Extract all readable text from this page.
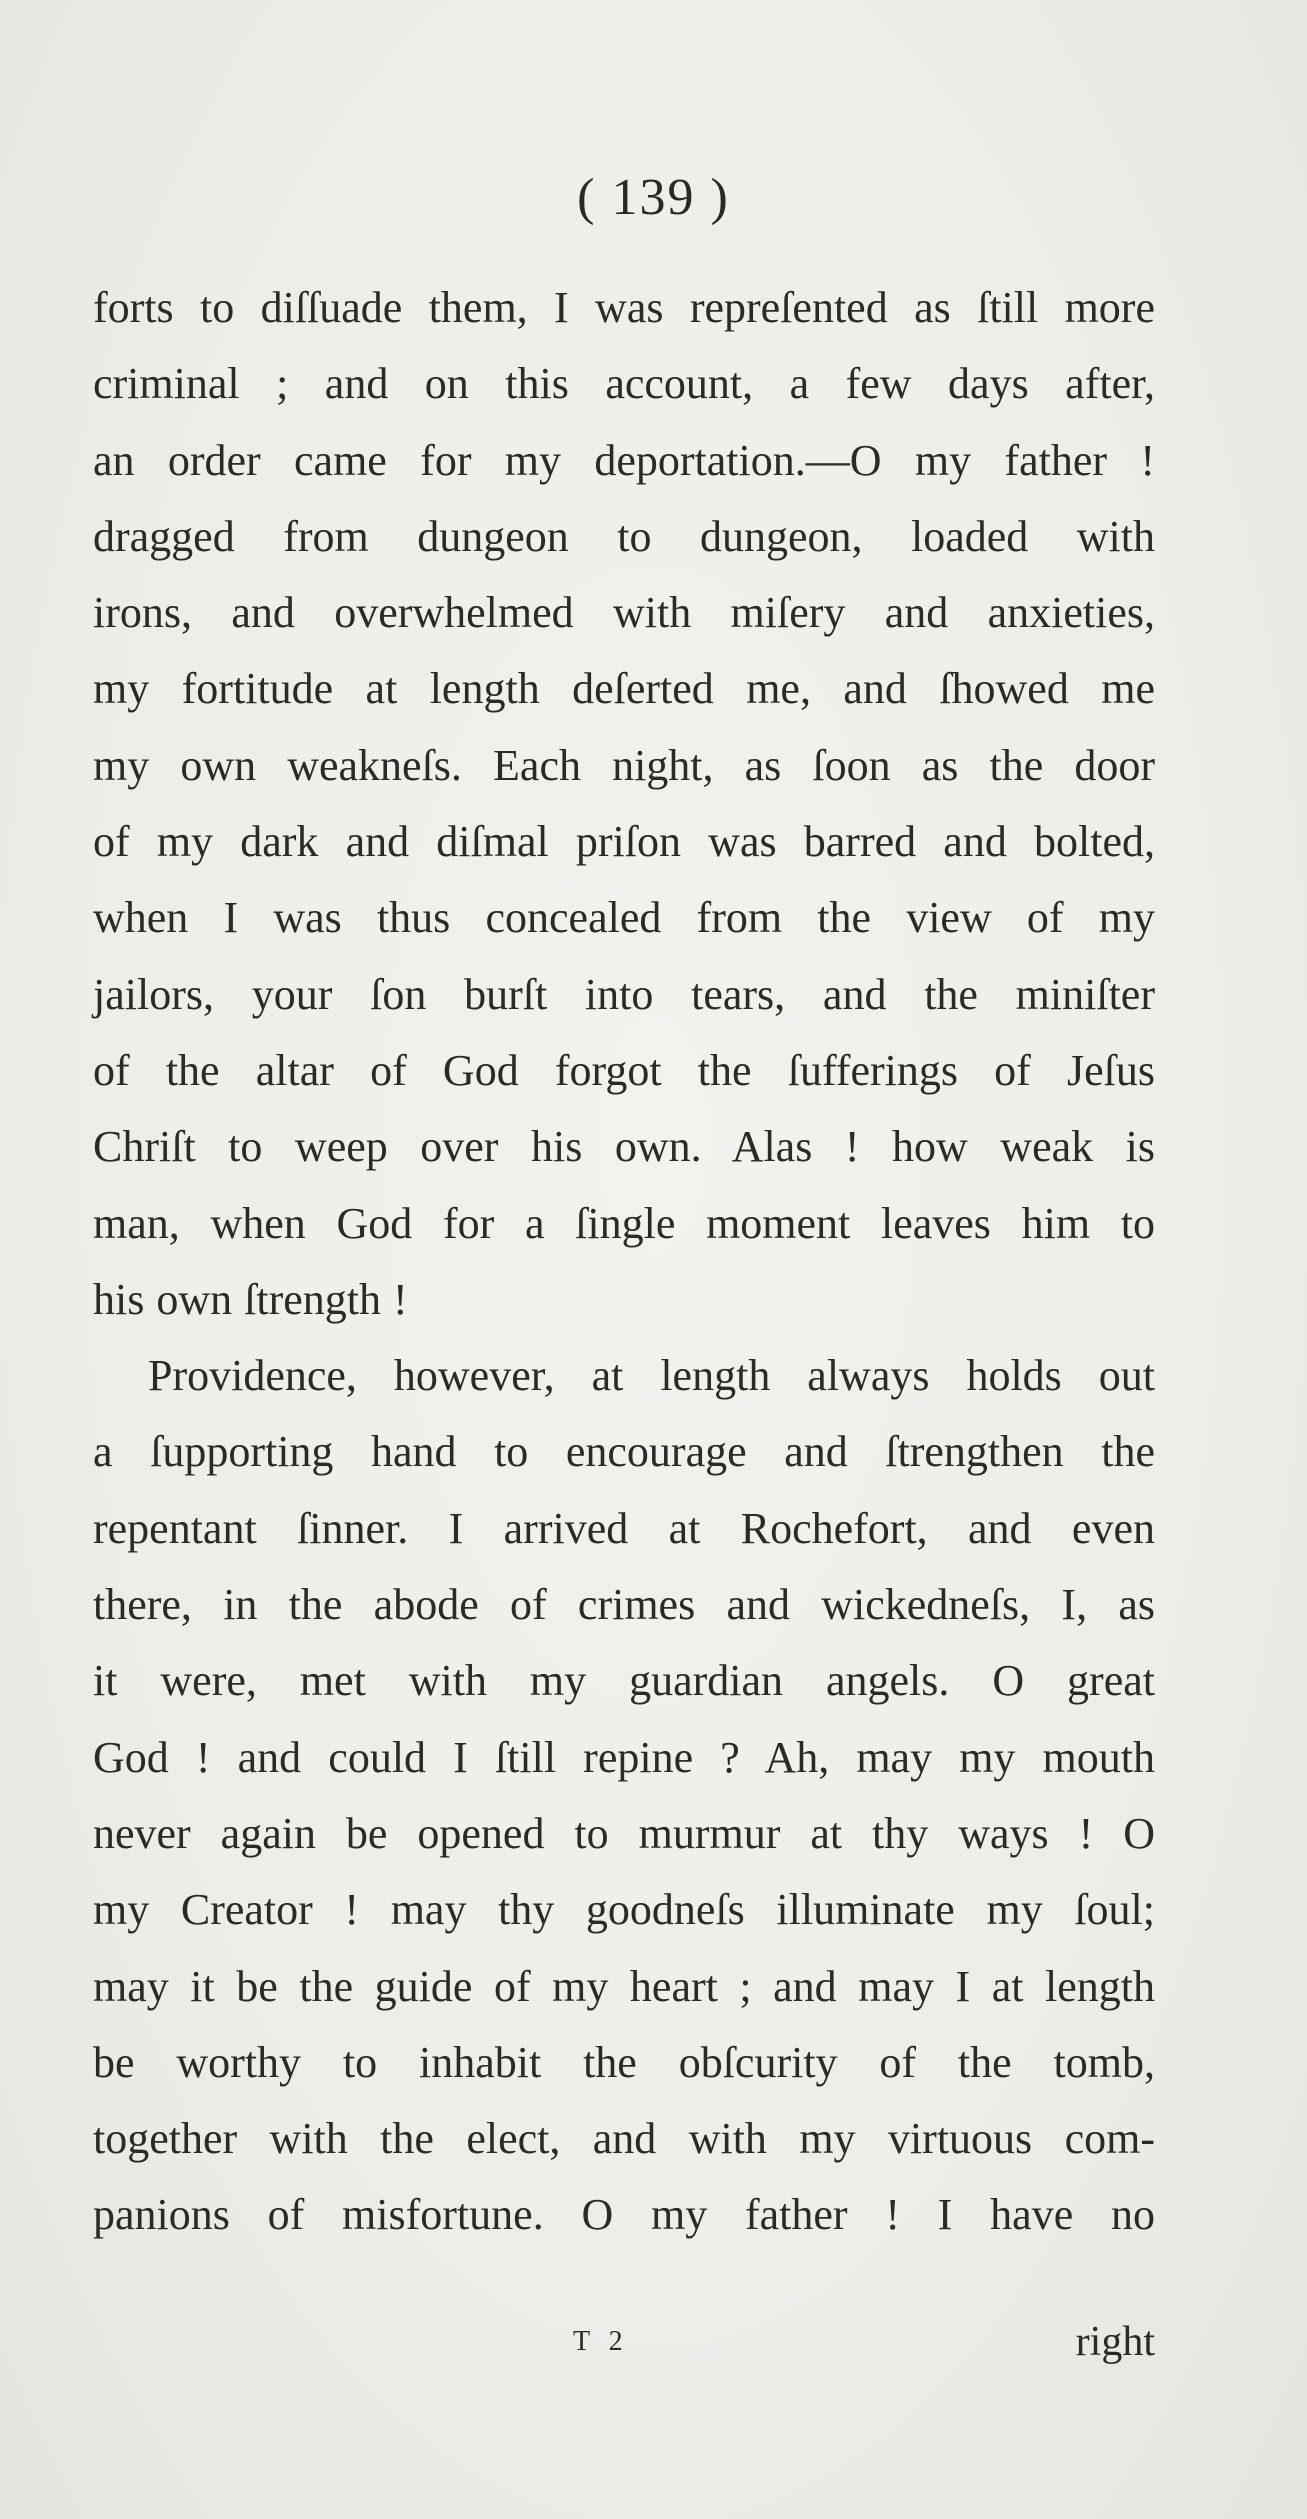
( 139 )
forts to diſſuade them, I was repreſented as ſtill more
criminal ; and on this account, a few days after,
an order came for my deportation.—O my father !
dragged from dungeon to dungeon, loaded with
irons, and overwhelmed with miſery and anxieties,
my fortitude at length deſerted me, and ſhowed me
my own weakneſs. Each night, as ſoon as the door
of my dark and diſmal priſon was barred and bolted,
when I was thus concealed from the view of my
jailors, your ſon burſt into tears, and the miniſter
of the altar of God forgot the ſufferings of Jeſus
Chriſt to weep over his own. Alas ! how weak is
man, when God for a ſingle moment leaves him to
his own ſtrength !
Providence, however, at length always holds out
a ſupporting hand to encourage and ſtrengthen the
repentant ſinner. I arrived at Rochefort, and even
there, in the abode of crimes and wickedneſs, I, as
it were, met with my guardian angels. O great
God ! and could I ſtill repine ? Ah, may my mouth
never again be opened to murmur at thy ways ! O
my Creator ! may thy goodneſs illuminate my ſoul;
may it be the guide of my heart ; and may I at length
be worthy to inhabit the obſcurity of the tomb,
together with the elect, and with my virtuous com-
panions of misfortune. O my father ! I have no
T 2	right
